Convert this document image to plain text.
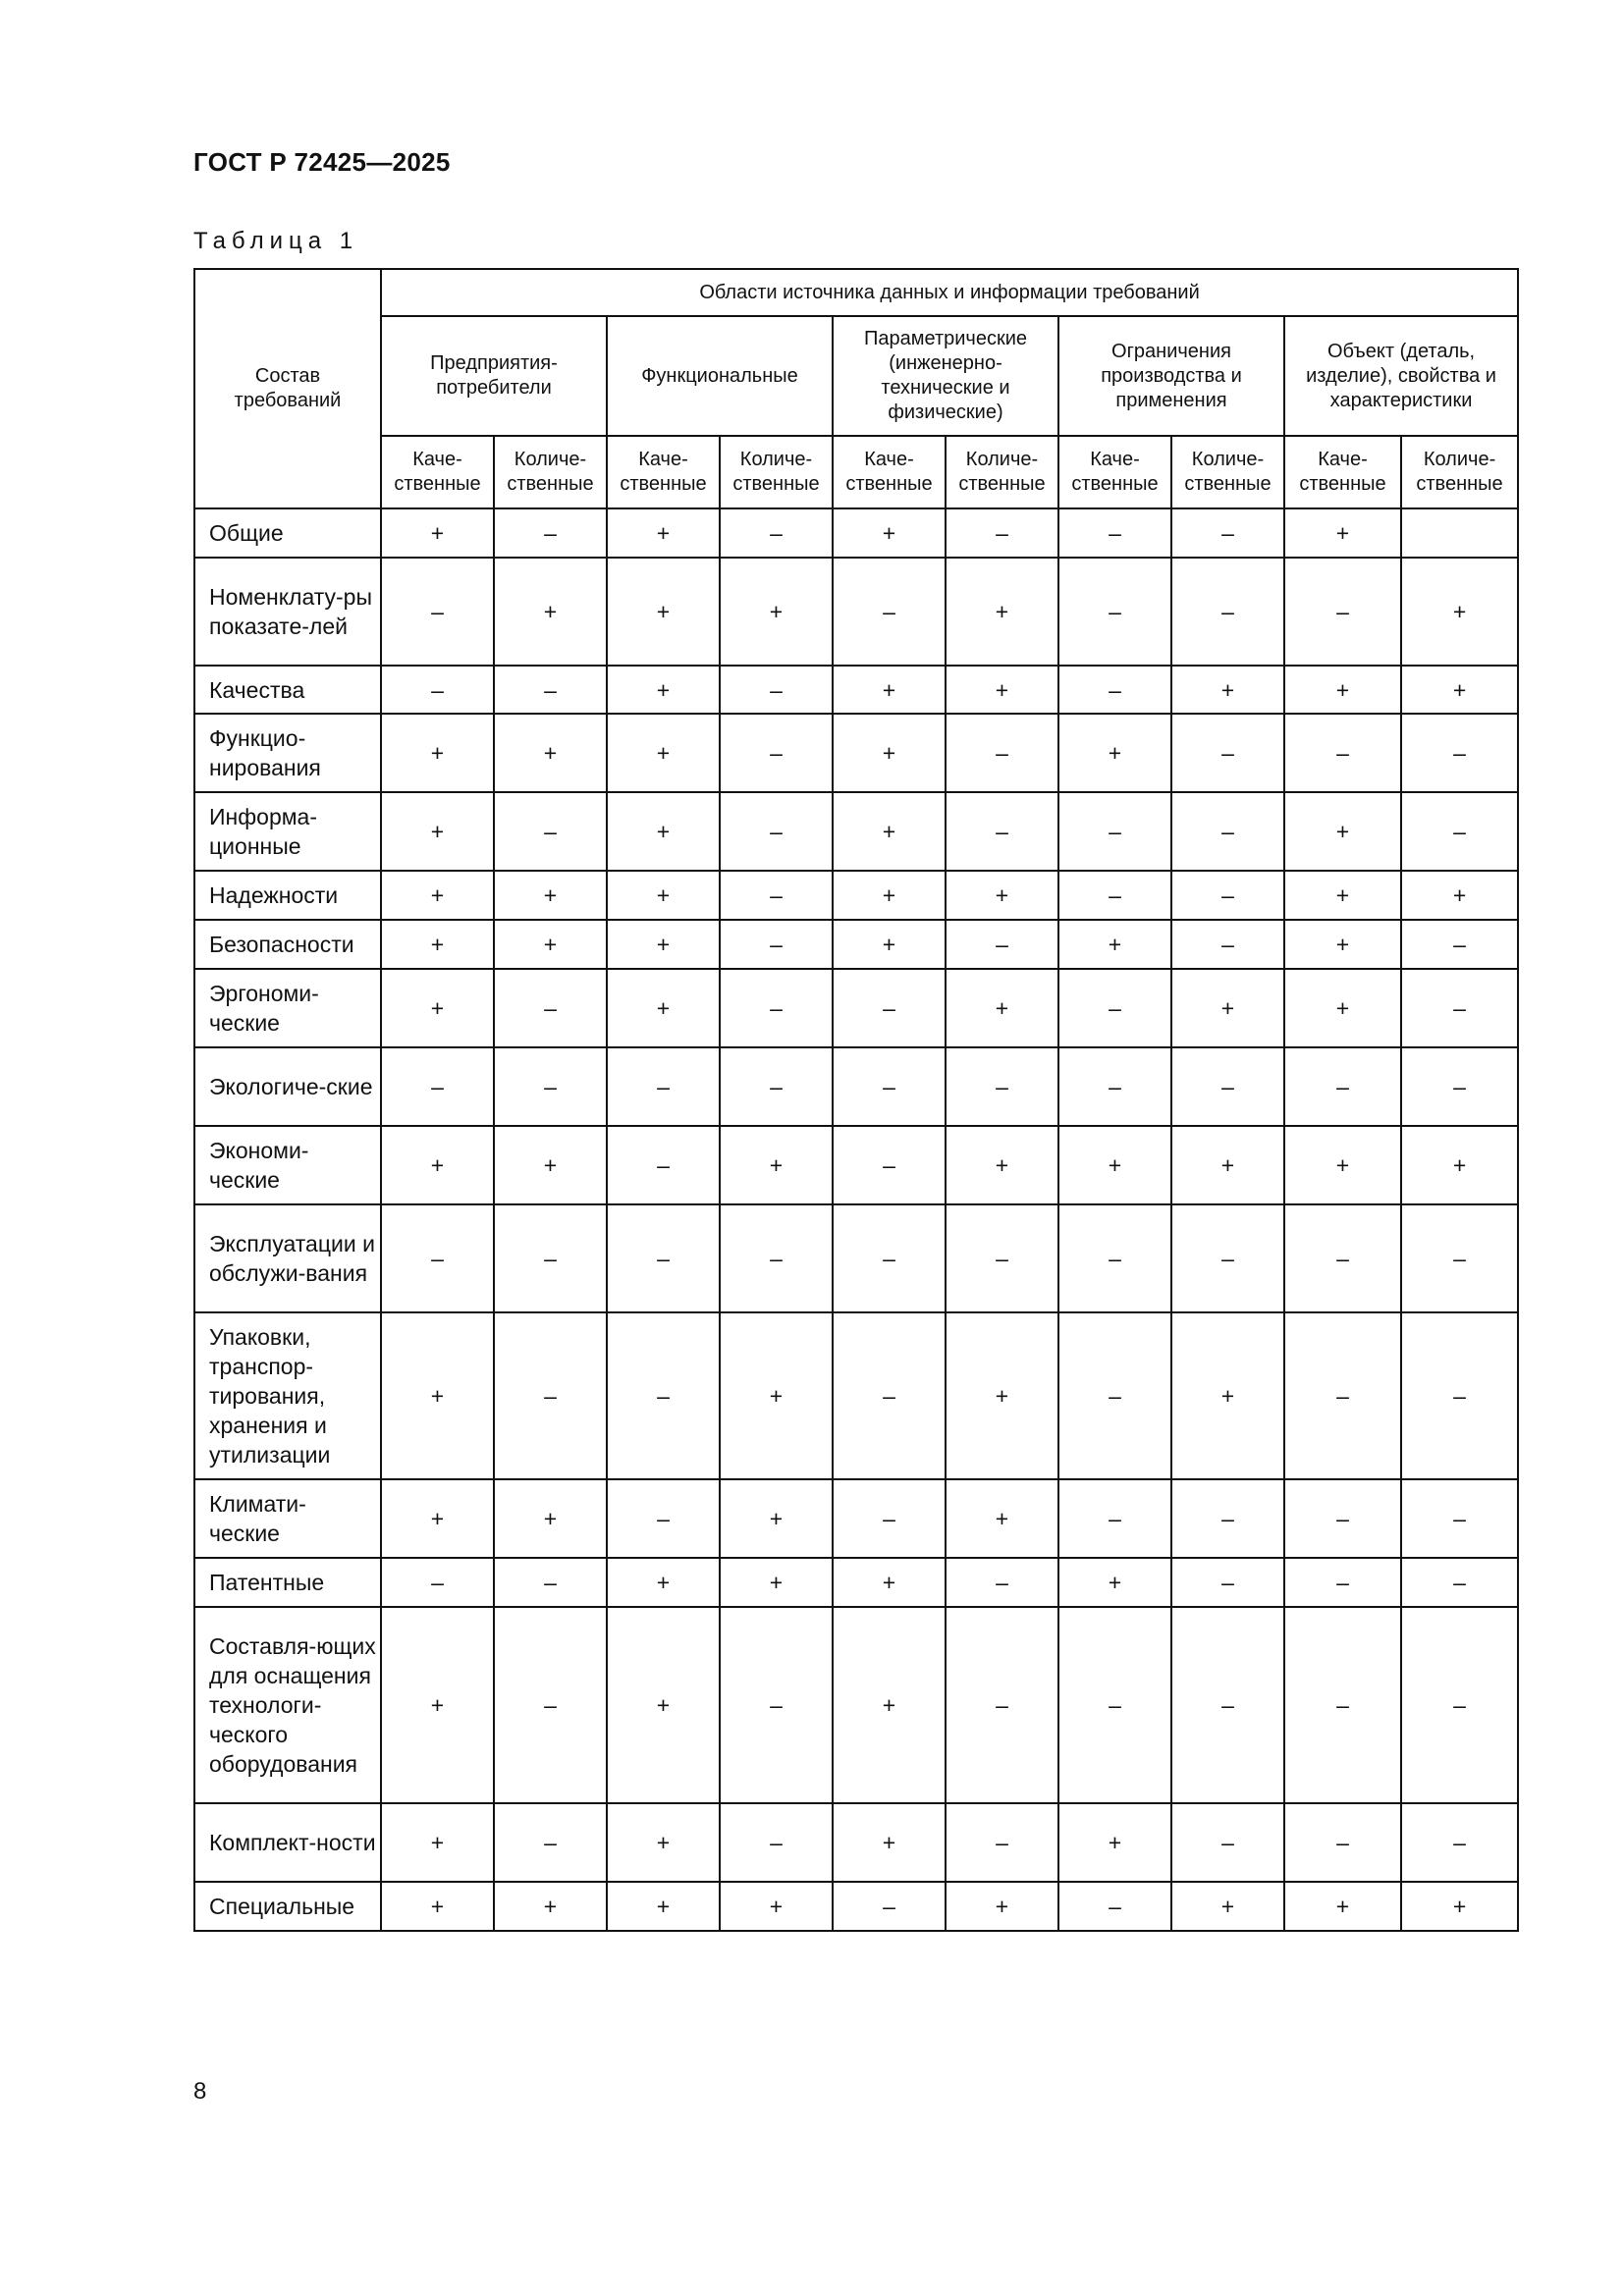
ГОСТ Р 72425—2025
Таблица 1
Состав требований	Области источника данных и информации требований									
	Предприятия-потребители		Функциональные		Параметрические (инженерно-технические и физические)		Ограничения производства и применения		Объект (деталь, изделие), свойства и характеристики	
	Каче-ственные	Количе-ственные	Каче-ственные	Количе-ственные	Каче-ственные	Количе-ственные	Каче-ственные	Количе-ственные	Каче-ственные	Количе-ственные
Общие	+	–	+	–	+	–	–	–	+	
Номенклату-ры показате-лей	–	+	+	+	–	+	–	–	–	+
Качества	–	–	+	–	+	+	–	+	+	+
Функцио-нирования	+	+	+	–	+	–	+	–	–	–
Информа-ционные	+	–	+	–	+	–	–	–	+	–
Надежности	+	+	+	–	+	+	–	–	+	+
Безопасности	+	+	+	–	+	–	+	–	+	–
Эргономи-ческие	+	–	+	–	–	+	–	+	+	–
Экологиче-ские	–	–	–	–	–	–	–	–	–	–
Экономи-ческие	+	+	–	+	–	+	+	+	+	+
Эксплуатации и обслужи-вания	–	–	–	–	–	–	–	–	–	–
Упаковки, транспор-тирования, хранения и утилизации	+	–	–	+	–	+	–	+	–	–
Климати-ческие	+	+	–	+	–	+	–	–	–	–
Патентные	–	–	+	+	+	–	+	–	–	–
Составля-ющих для оснащения технологи-ческого оборудования	+	–	+	–	+	–	–	–	–	–
Комплект-ности	+	–	+	–	+	–	+	–	–	–
Специальные	+	+	+	+	–	+	–	+	+	+
8
